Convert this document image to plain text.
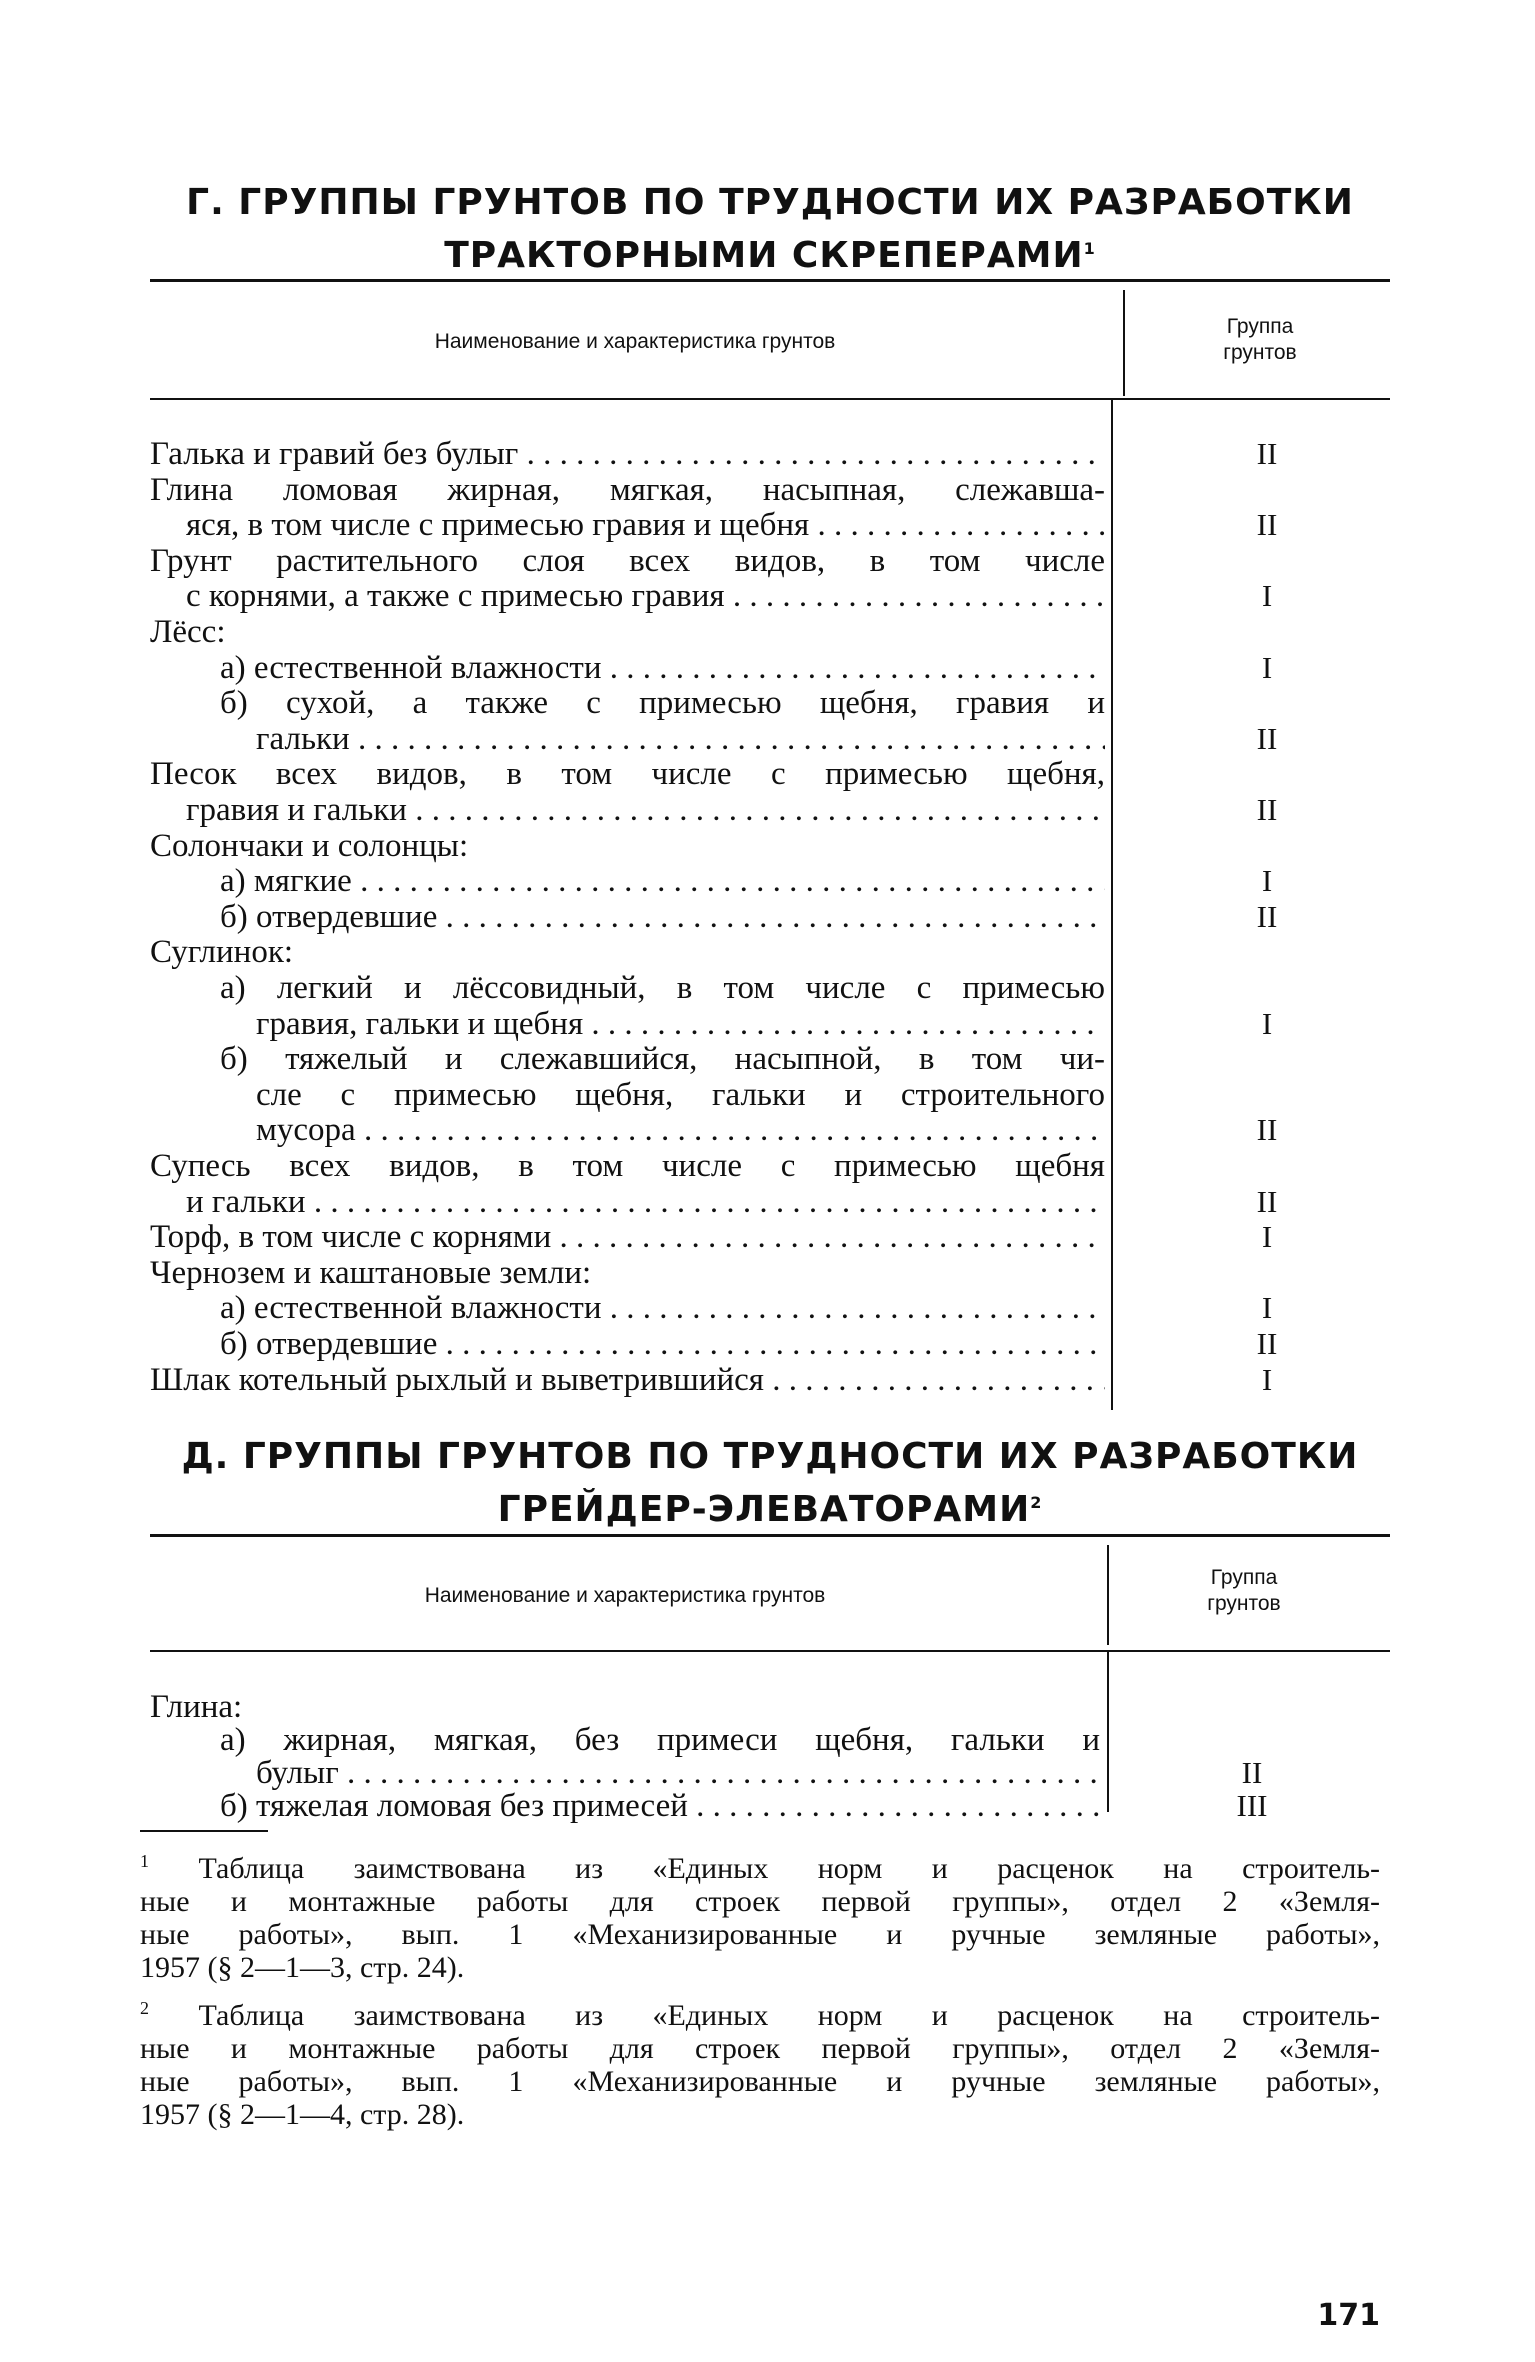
Г. ГРУППЫ ГРУНТОВ ПО ТРУДНОСТИ ИХ РАЗРАБОТКИ
ТРАКТОРНЫМИ СКРЕПЕРАМИ$^1$
Наименование и характеристика грунтов
Группа
грунтов
Галька и гравий без булыг . . .	II
Глина ломовая жирная, мягкая, насыпная, слежавша-
яся, в том числе с примесью гравия и щебня . . .	II
Грунт растительного слоя всех видов, в том числе
с корнями, а также с примесью гравия . . .	I
Лёсс:
а) естественной влажности . . .	I
б) сухой, а также с примесью щебня, гравия и
гальки . . .	II
Песок всех видов, в том числе с примесью щебня,
гравия и гальки . . .	II
Солончаки и солонцы:
а) мягкие . . .	I
б) отвердевшие . . .	II
Суглинок:
а) легкий и лёссовидный, в том числе с примесью
гравия, гальки и щебня . . .	I
б) тяжелый и слежавшийся, насыпной, в том чи-
сле с примесью щебня, гальки и строительного
мусора . . .	II
Супесь всех видов, в том числе с примесью щебня
и гальки . . .	II
Торф, в том числе с корнями . . .	I
Чернозем и каштановые земли:
а) естественной влажности . . .	I
б) отвердевшие . . .	II
Шлак котельный рыхлый и выветрившийся . . .	I
Д. ГРУППЫ ГРУНТОВ ПО ТРУДНОСТИ ИХ РАЗРАБОТКИ
ГРЕЙДЕР-ЭЛЕВАТОРАМИ$^2$
Наименование и характеристика грунтов
Группа
грунтов
Глина:
а) жирная, мягкая, без примеси щебня, гальки и
булыг . . .	II
б) тяжелая ломовая без примесей . . .	III
$^1$ Таблица заимствована из «Единых норм и расценок на строитель-
ные и монтажные работы для строек первой группы», отдел 2 «Земля-
ные работы», вып. 1 «Механизированные и ручные земляные работы»,
1957 (§ 2—1—3, стр. 24).
$^2$ Таблица заимствована из «Единых норм и расценок на строитель-
ные и монтажные работы для строек первой группы», отдел 2 «Земля-
ные работы», вып. 1 «Механизированные и ручные земляные работы»,
1957 (§ 2—1—4, стр. 28).
171
